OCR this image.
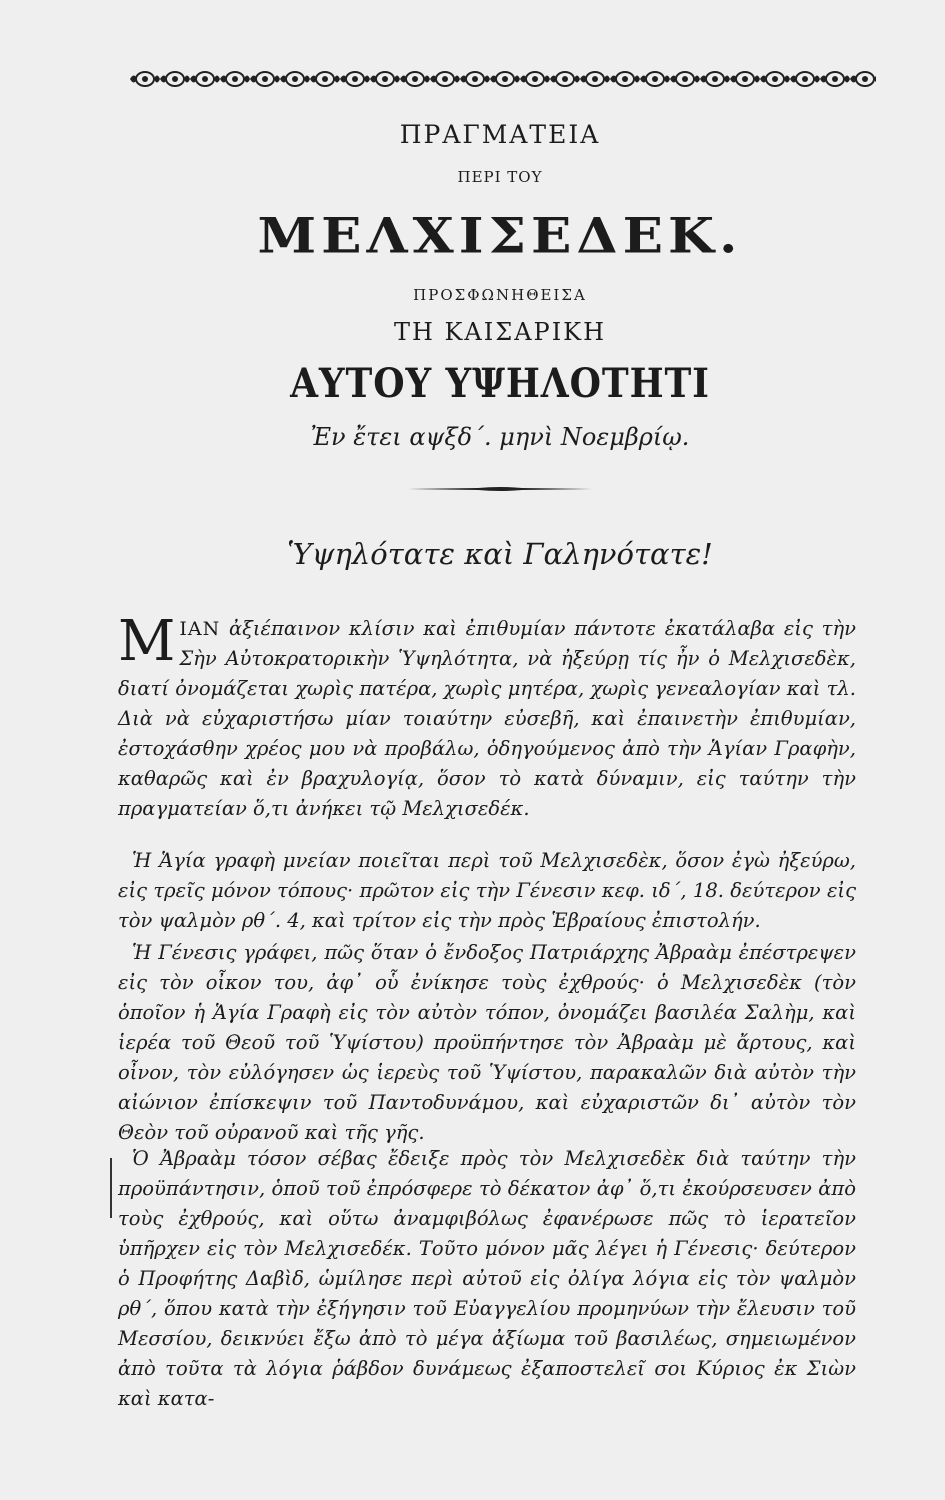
ΠΡΑΓΜΑΤΕΙΑ
ΠΕΡΙ ΤΟΥ
ΜΕΛΧΙΣΕΔΕΚ.
ΠΡΟΣΦΩΝΗΘΕΙΣΑ
ΤΗ ΚΑΙΣΑΡΙΚΗ
ΑΥΤΟΥ ΥΨΗΛΟΤΗΤΙ
Ἐν ἔτει αψξδ΄. μηνὶ Νοεμβρίῳ.
Ὑψηλότατε καὶ Γαληνότατε!
ΜΙΑΝ ἀξιέπαινον κλίσιν καὶ ἐπιθυμίαν πάντοτε ἐκατάλαβα εἰς τὴν Σὴν Αὐτοκρατορικὴν Ὑψηλότητα, νὰ ἠξεύρῃ τίς ἦν ὁ Μελχισεδὲκ, διατί ὀνομάζεται χωρὶς πατέρα, χωρὶς μητέρα, χωρὶς γενεαλογίαν καὶ τλ. Διὰ νὰ εὐχαριστήσω μίαν τοιαύτην εὐσεβῆ, καὶ ἐπαινετὴν ἐπιθυμίαν, ἐστοχάσθην χρέος μου νὰ προβάλω, ὁδηγούμενος ἀπὸ τὴν Ἁγίαν Γραφὴν, καθαρῶς καὶ ἐν βραχυλογίᾳ, ὅσον τὸ κατὰ δύναμιν, εἰς ταύτην τὴν πραγματείαν ὅ,τι ἀνήκει τῷ Μελχισεδέκ.

Ἡ Ἁγία γραφὴ μνείαν ποιεῖται περὶ τοῦ Μελχισεδὲκ, ὅσον ἐγὼ ἠξεύρω, εἰς τρεῖς μόνον τόπους· πρῶτον εἰς τὴν Γένεσιν κεφ. ιδ΄, 18. δεύτερον εἰς τὸν ψαλμὸν ρθ΄. 4, καὶ τρίτον εἰς τὴν πρὸς Ἑβραίους ἐπιστολήν.

Ἡ Γένεσις γράφει, πῶς ὅταν ὁ ἔνδοξος Πατριάρχης Ἀβραὰμ ἐπέστρεψεν εἰς τὸν οἶκον του, ἀφ᾽ οὗ ἐνίκησε τοὺς ἐχθρούς· ὁ Μελχισεδὲκ (τὸν ὁποῖον ἡ Ἁγία Γραφὴ εἰς τὸν αὐτὸν τόπον, ὀνομάζει βασιλέα Σαλὴμ, καὶ ἱερέα τοῦ Θεοῦ τοῦ Ὑψίστου) προϋπήντησε τὸν Ἀβραὰμ μὲ ἄρτους, καὶ οἶνον, τὸν εὐλόγησεν ὡς ἱερεὺς τοῦ Ὑψίστου, παρακαλῶν διὰ αὐτὸν τὴν αἰώνιον ἐπίσκεψιν τοῦ Παντοδυνάμου, καὶ εὐχαριστῶν δι᾽ αὐτὸν τὸν Θεὸν τοῦ οὐρανοῦ καὶ τῆς γῆς.

Ὁ Ἀβραὰμ τόσον σέβας ἔδειξε πρὸς τὸν Μελχισεδὲκ διὰ ταύτην τὴν προϋπάντησιν, ὁποῦ τοῦ ἐπρόσφερε τὸ δέκατον ἀφ᾽ ὅ,τι ἐκούρσευσεν ἀπὸ τοὺς ἐχθρούς, καὶ οὕτω ἀναμφιβόλως ἐφανέρωσε πῶς τὸ ἱερατεῖον ὑπῆρχεν εἰς τὸν Μελχισεδέκ. Τοῦτο μόνον μᾶς λέγει ἡ Γένεσις· δεύτερον ὁ Προφήτης Δαβὶδ, ὡμίλησε περὶ αὐτοῦ εἰς ὀλίγα λόγια εἰς τὸν ψαλμὸν ρθ΄, ὅπου κατὰ τὴν ἐξήγησιν τοῦ Εὐαγγελίου προμηνύων τὴν ἔλευσιν τοῦ Μεσσίου, δεικνύει ἔξω ἀπὸ τὸ μέγα ἀξίωμα τοῦ βασιλέως, σημειωμένον ἀπὸ τοῦτα τὰ λόγια ῥάβδον δυνάμεως ἐξαποστελεῖ σοι Κύριος ἐκ Σιὼν καὶ κατα-
